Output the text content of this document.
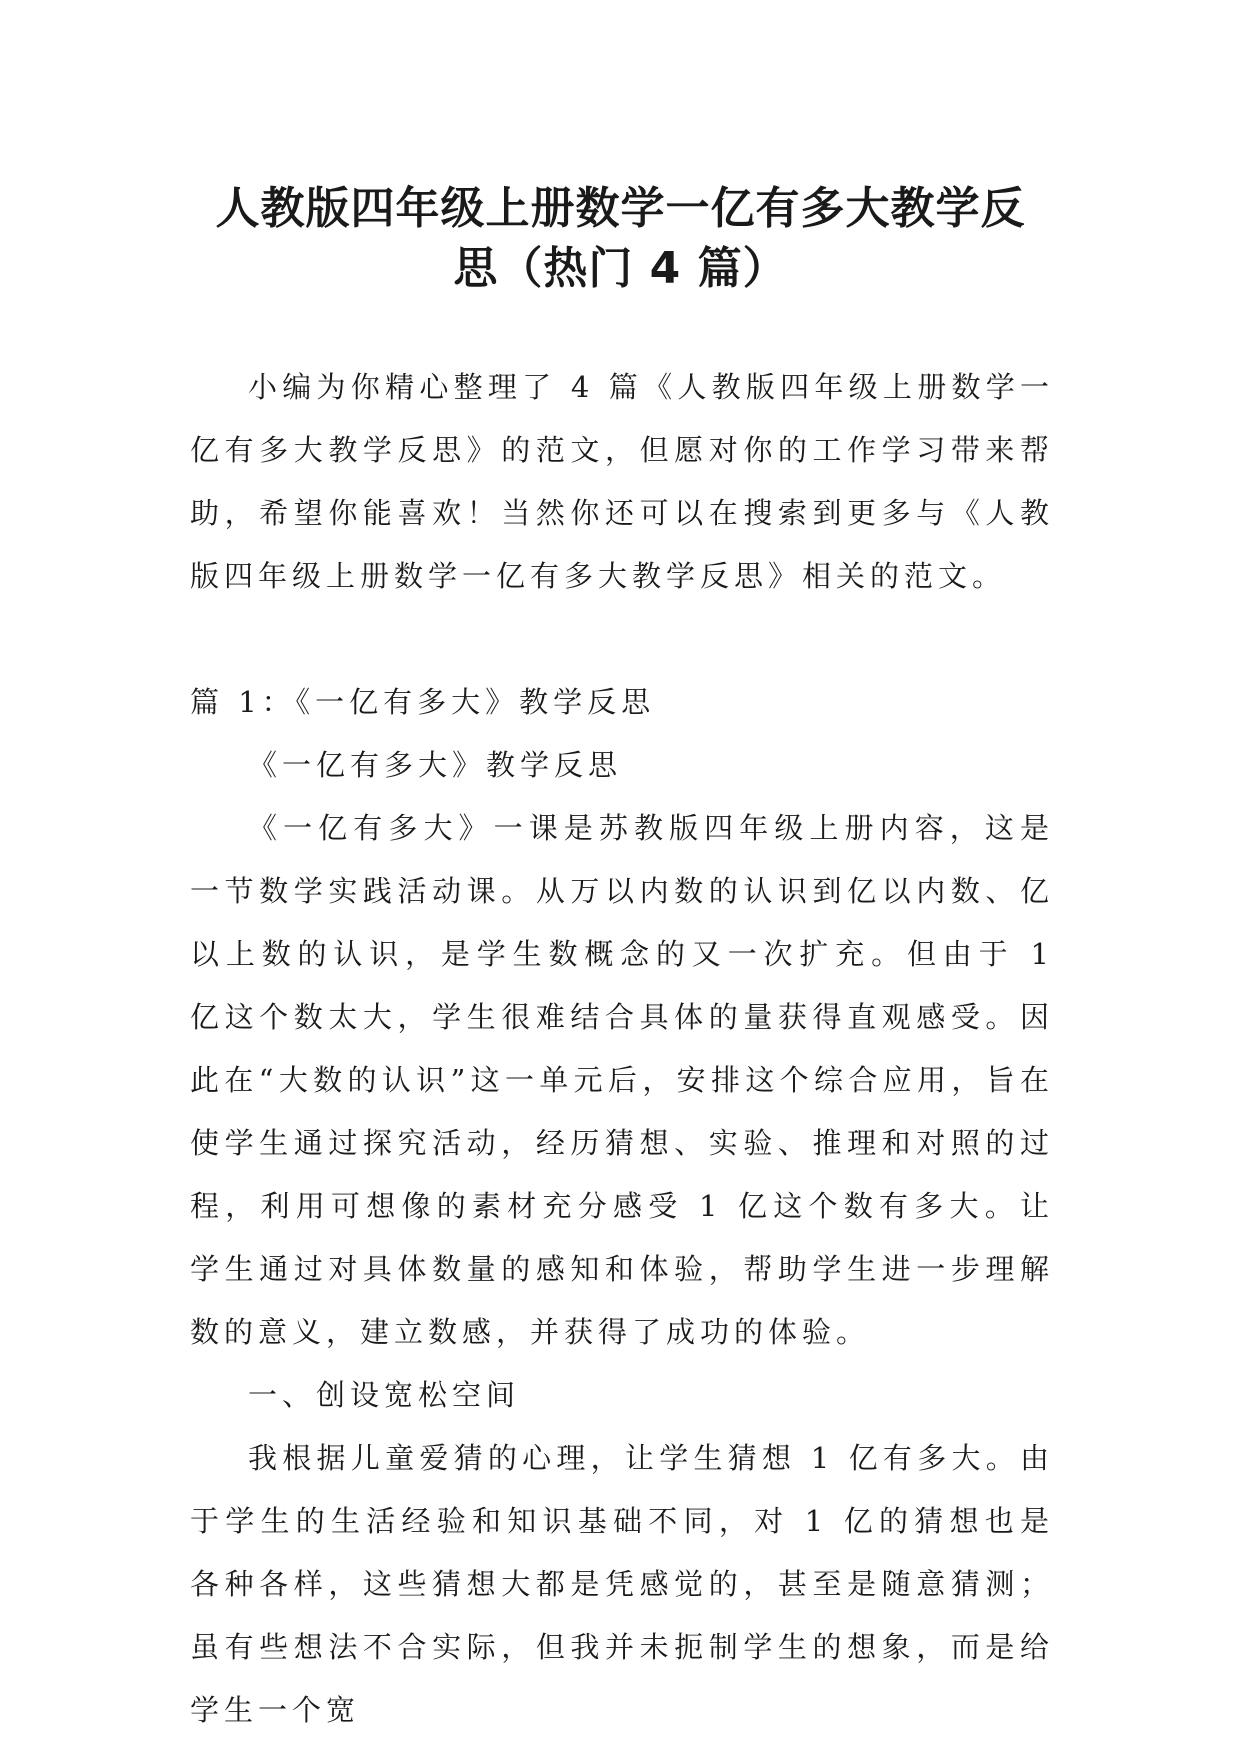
人教版四年级上册数学一亿有多大教学反
思（热门 4 篇）

小编为你精心整理了 4 篇《人教版四年级上册数学一亿有多大教学反思》的范文，但愿对你的工作学习带来帮助，希望你能喜欢！当然你还可以在搜索到更多与《人教版四年级上册数学一亿有多大教学反思》相关的范文。

篇 1：《一亿有多大》教学反思

《一亿有多大》教学反思

《一亿有多大》一课是苏教版四年级上册内容，这是一节数学实践活动课。从万以内数的认识到亿以内数、亿以上数的认识，是学生数概念的又一次扩充。但由于 1 亿这个数太大，学生很难结合具体的量获得直观感受。因此在“大数的认识”这一单元后，安排这个综合应用，旨在使学生通过探究活动，经历猜想、实验、推理和对照的过程，利用可想像的素材充分感受 1 亿这个数有多大。让学生通过对具体数量的感知和体验，帮助学生进一步理解数的意义，建立数感，并获得了成功的体验。

一、创设宽松空间

我根据儿童爱猜的心理，让学生猜想 1 亿有多大。由于学生的生活经验和知识基础不同，对 1 亿的猜想也是各种各样，这些猜想大都是凭感觉的，甚至是随意猜测；虽有些想法不合实际，但我并未扼制学生的想象，而是给学生一个宽
